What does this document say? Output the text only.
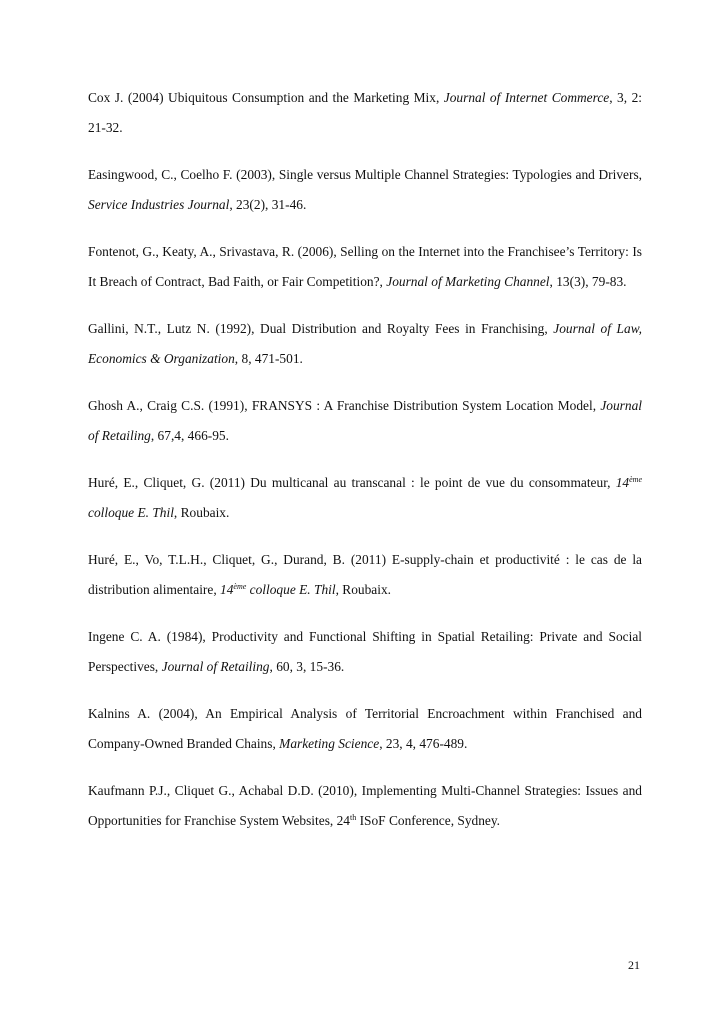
Cox J. (2004) Ubiquitous Consumption and the Marketing Mix, Journal of Internet Commerce, 3, 2: 21-32.

Easingwood, C., Coelho F. (2003), Single versus Multiple Channel Strategies: Typologies and Drivers, Service Industries Journal, 23(2), 31-46.

Fontenot, G., Keaty, A., Srivastava, R. (2006), Selling on the Internet into the Franchisee’s Territory: Is It Breach of Contract, Bad Faith, or Fair Competition?, Journal of Marketing Channel, 13(3), 79-83.

Gallini, N.T., Lutz N. (1992), Dual Distribution and Royalty Fees in Franchising, Journal of Law, Economics & Organization, 8, 471-501.

Ghosh A., Craig C.S. (1991), FRANSYS : A Franchise Distribution System Location Model, Journal of Retailing, 67,4, 466-95.

Huré, E., Cliquet, G. (2011) Du multicanal au transcanal : le point de vue du consommateur, 14ème colloque E. Thil, Roubaix.

Huré, E., Vo, T.L.H., Cliquet, G., Durand, B. (2011) E-supply-chain et productivité : le cas de la distribution alimentaire, 14ème colloque E. Thil, Roubaix.

Ingene C. A. (1984), Productivity and Functional Shifting in Spatial Retailing: Private and Social Perspectives, Journal of Retailing, 60, 3, 15-36.

Kalnins A. (2004), An Empirical Analysis of Territorial Encroachment within Franchised and Company-Owned Branded Chains, Marketing Science, 23, 4, 476-489.

Kaufmann P.J., Cliquet G., Achabal D.D. (2010), Implementing Multi-Channel Strategies: Issues and Opportunities for Franchise System Websites, 24th ISoF Conference, Sydney.

21
